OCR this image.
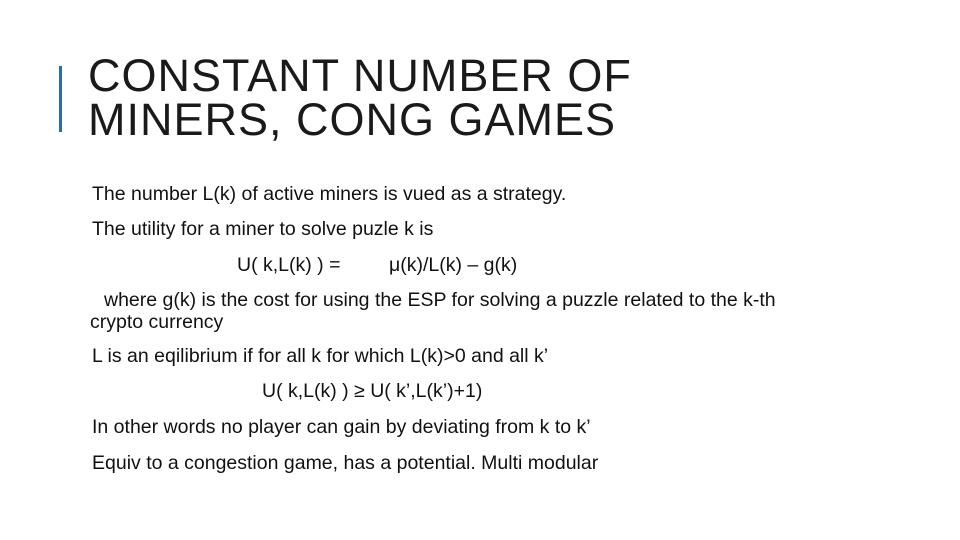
CONSTANT NUMBER OF
MINERS, CONG GAMES
The number L(k) of active miners is vued as a strategy.
The utility for a miner to solve puzle k is
U( k,L(k) ) = μ(k)/L(k) – g(k)
where g(k) is the cost for using the ESP for solving a puzzle related to the k-th crypto currency
L is an eqilibrium if for all k for which L(k)>0 and all k’
U( k,L(k) ) ≥ U( k’,L(k’)+1)
In other words no player can gain by deviating from k to k’
Equiv to a congestion game, has a potential. Multi modular
